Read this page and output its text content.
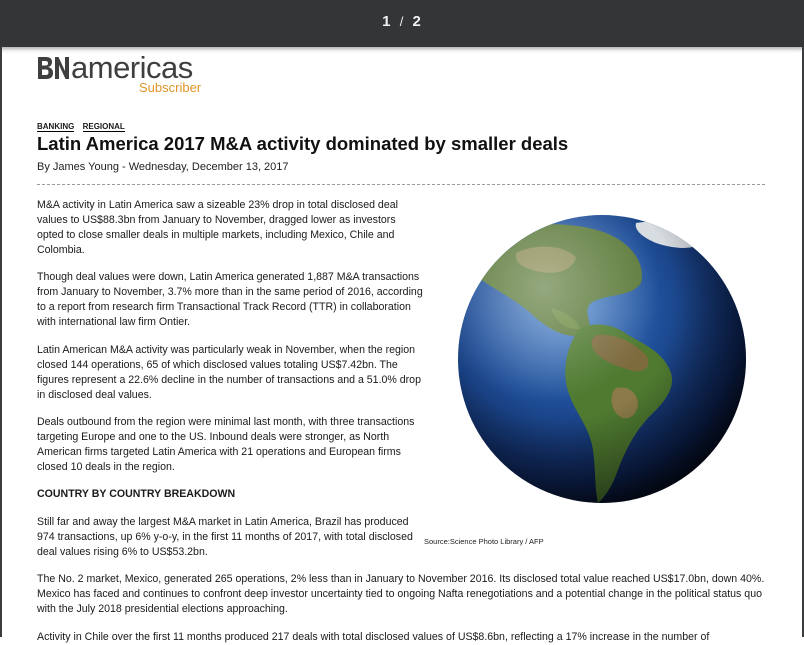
1 / 2
americas
Subscriber
BANKING REGIONAL
Latin America 2017 M&A activity dominated by smaller deals
By James Young - Wednesday, December 13, 2017
M&A activity in Latin America saw a sizeable 23% drop in total disclosed deal values to US$88.3bn from January to November, dragged lower as investors opted to close smaller deals in multiple markets, including Mexico, Chile and Colombia.
Though deal values were down, Latin America generated 1,887 M&A transactions from January to November, 3.7% more than in the same period of 2016, according to a report from research firm Transactional Track Record (TTR) in collaboration with international law firm Ontier.
Latin American M&A activity was particularly weak in November, when the region closed 144 operations, 65 of which disclosed values totaling US$7.42bn. The figures represent a 22.6% decline in the number of transactions and a 51.0% drop in disclosed deal values.
Deals outbound from the region were minimal last month, with three transactions targeting Europe and one to the US. Inbound deals were stronger, as North American firms targeted Latin America with 21 operations and European firms closed 10 deals in the region.
COUNTRY BY COUNTRY BREAKDOWN
Still far and away the largest M&A market in Latin America, Brazil has produced 974 transactions, up 6% y-o-y, in the first 11 months of 2017, with total disclosed deal values rising 6% to US$53.2bn.
The No. 2 market, Mexico, generated 265 operations, 2% less than in January to November 2016. Its disclosed total value reached US$17.0bn, down 40%. Mexico has faced and continues to confront deep investor uncertainty tied to ongoing Nafta renegotiations and a potential change in the political status quo with the July 2018 presidential elections approaching.
Activity in Chile over the first 11 months produced 217 deals with total disclosed values of US$8.6bn, reflecting a 17% increase in the number of
Source:Science Photo Library / AFP
